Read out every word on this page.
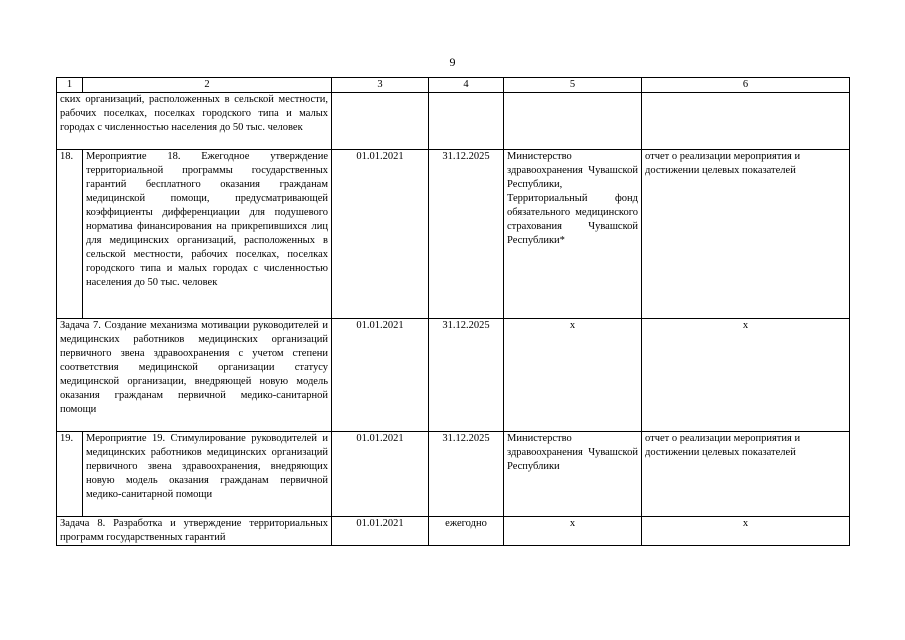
9
1	2	3	4	5	6
ских организаций, расположенных в сельской местности, рабочих поселках, поселках городского типа и малых городах с численностью населения до 50 тыс. человек					
18.	Мероприятие 18. Ежегодное утверждение территориальной программы государственных гарантий бесплатного оказания гражданам медицинской помощи, предусматривающей коэффициенты дифференциации для подушевого норматива финансирования на прикрепившихся лиц для медицинских организаций, расположенных в сельской местности, рабочих поселках, поселках городского типа и малых городах с численностью населения до 50 тыс. человек	01.01.2021	31.12.2025	Министерство здравоохранения Чувашской Республики, Территориальный фонд обязательного медицинского страхования Чувашской Республики*	отчет о реализации мероприятия и достижении целевых показателей
Задача 7. Создание механизма мотивации руководителей и медицинских работников медицинских организаций первичного звена здравоохранения с учетом степени соответствия медицинской организации статусу медицинской организации, внедряющей новую модель оказания гражданам первичной медико-санитарной помощи		01.01.2021	31.12.2025	х	х
19.	Мероприятие 19. Стимулирование руководителей и медицинских работников медицинских организаций первичного звена здравоохранения, внедряющих новую модель оказания гражданам первичной медико-санитарной помощи	01.01.2021	31.12.2025	Министерство здравоохранения Чувашской Республики	отчет о реализации мероприятия и достижении целевых показателей

Задача 8. Разработка и утверждение территориальных программ государственных гарантий		01.01.2021	ежегодно	х	х
